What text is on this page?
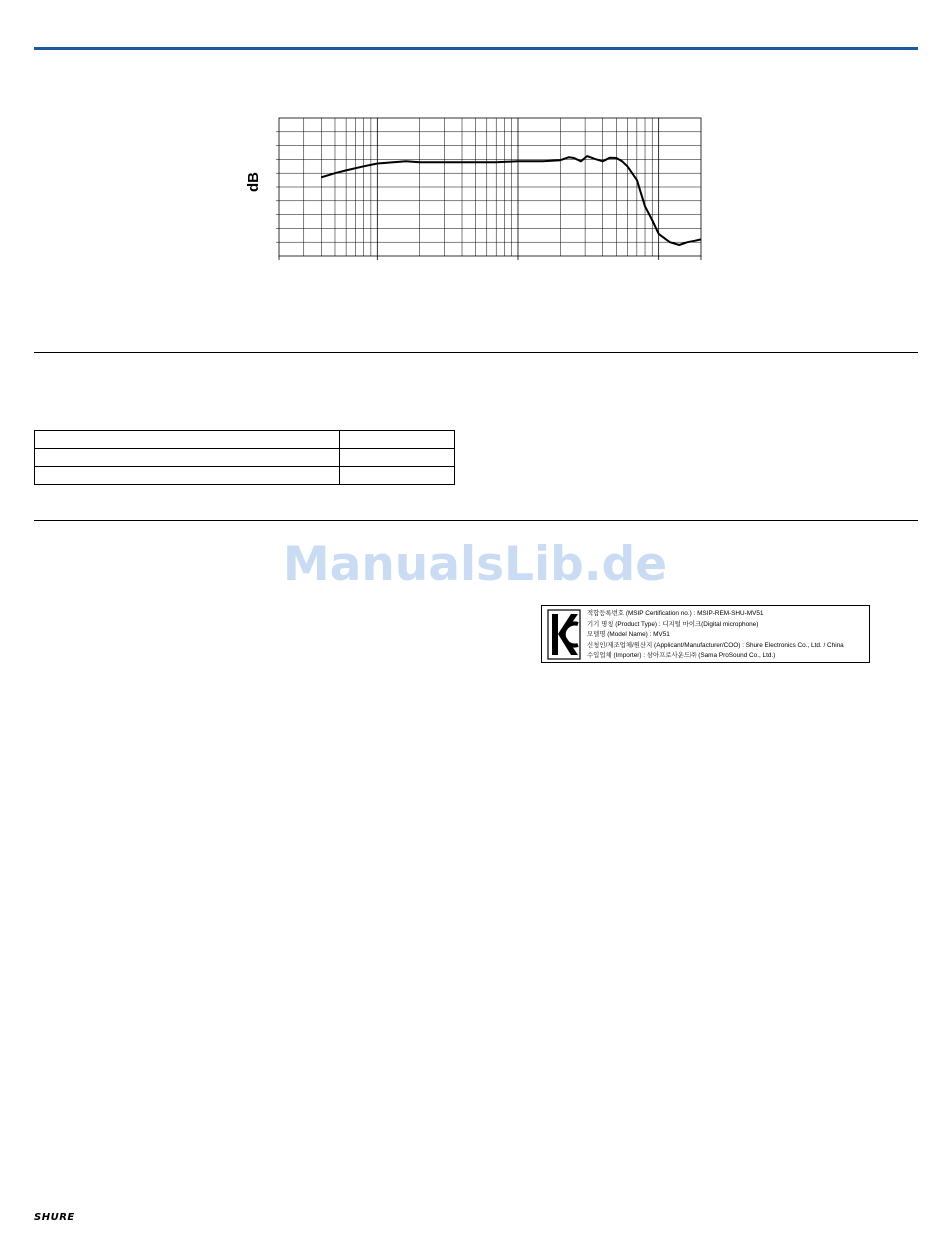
dB

ManualsLib.de
적합등록번호 (MSIP Certification no.) : MSIP-REM-SHU-MV51
기기 명칭 (Product Type) : 디지털 마이크(Digital microphone)
모델명 (Model Name) : MV51
신청인/제조업체/원산지 (Applicant/Manufacturer/COO) : Shure Electronics Co., Ltd. / China
수입업체 (Importer) : 삼아프로사운드㈜ (Sama ProSound Co., Ltd.)
SHURE
